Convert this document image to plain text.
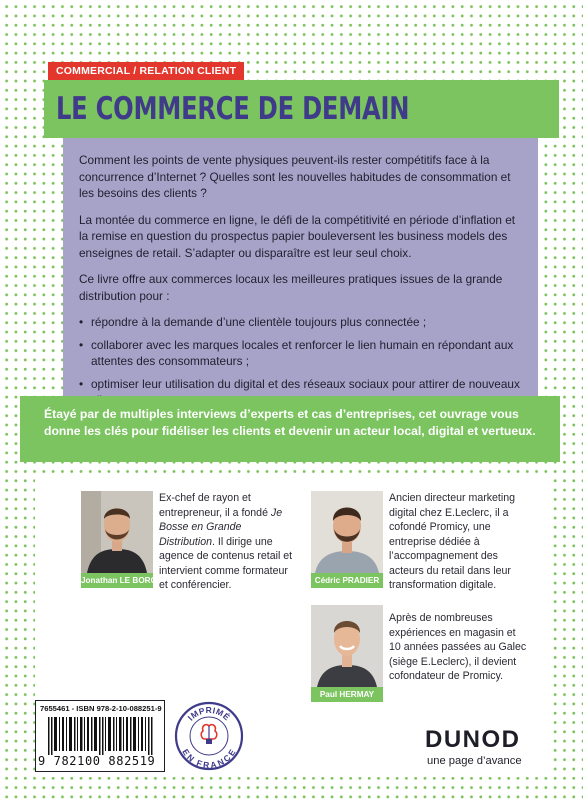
COMMERCIAL / RELATION CLIENT
LE COMMERCE DE DEMAIN

Comment les points de vente physiques peuvent-ils rester compétitifs face à la concurrence d’Internet ? Quelles sont les nouvelles habitudes de consommation et les besoins des clients ?

La montée du commerce en ligne, le défi de la compétitivité en période d’inflation et la remise en question du prospectus papier bouleversent les business models des enseignes de retail. S’adapter ou disparaître est leur seul choix.

Ce livre offre aux commerces locaux les meilleures pratiques issues de la grande distribution pour :

• répondre à la demande d’une clientèle toujours plus connectée ;
• collaborer avec les marques locales et renforcer le lien humain en répondant aux attentes des consommateurs ;
• optimiser leur utilisation du digital et des réseaux sociaux pour attirer de nouveaux
Étayé par de multiples interviews d’experts et cas d’entreprises, cet ouvrage vous donne les clés pour fidéliser les clients et devenir un acteur local, digital et vertueux.
Jonathan LE BORGNE
Ex-chef de rayon et entrepreneur, il a fondé Je Bosse en Grande Distribution. Il dirige une agence de contenus retail et intervient comme formateur et conférencier.	Cédric PRADIER
Ancien directeur marketing digital chez E.Leclerc, il a cofondé Promicy, une entreprise dédiée à l’accompagnement des acteurs du retail dans leur transformation digitale.
Paul HERMAY
Après de nombreuses expériences en magasin et 10 années passées au Galec (siège E.Leclerc), il devient cofondateur de Promicy.
7655461 - ISBN 978-2-10-088251-9
9 782100 882519
IMPRIMÉ
EN FRANCE	DUNOD
une page d’avance
